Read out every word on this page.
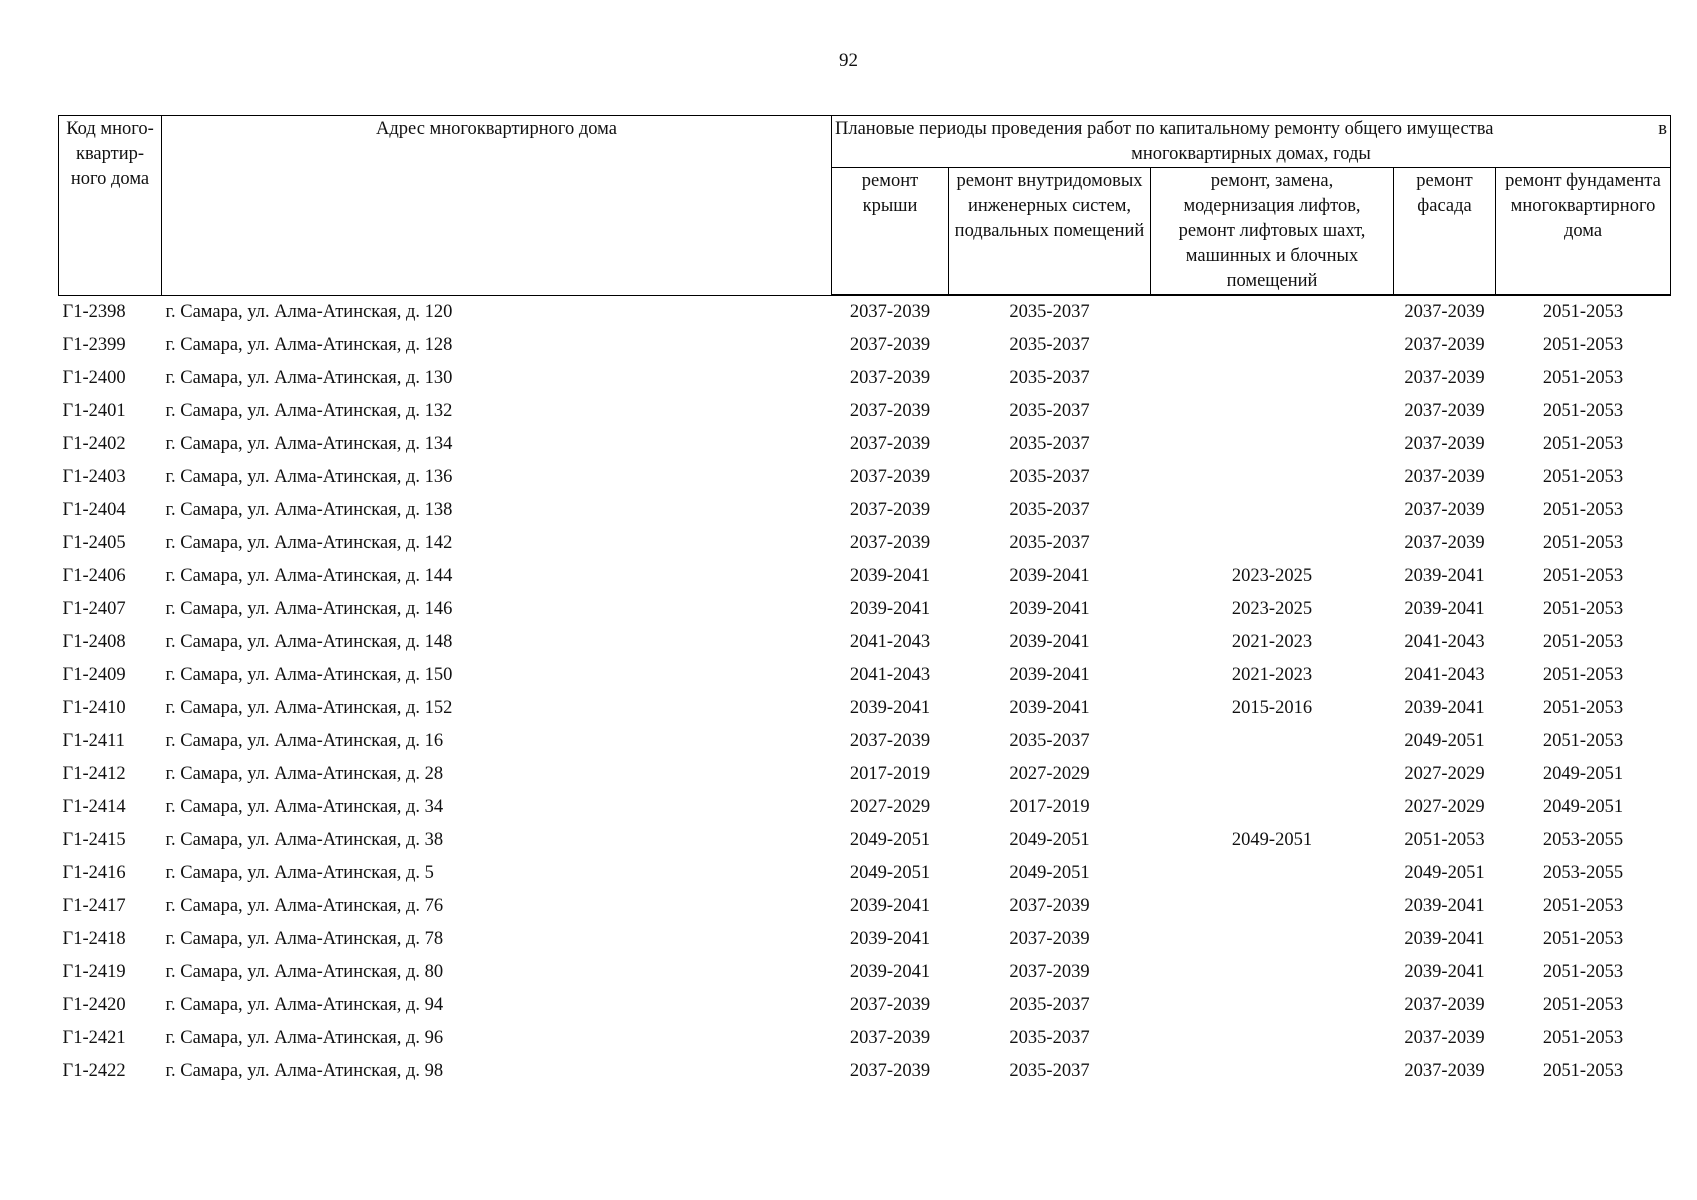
92
Код много-квартир-ного дома	Адрес многоквартирного дома	Плановые периоды проведения работ по капитальному ремонту общего имущества в
многоквартирных домах, годы				

		ремонт крыши	ремонт внутридомовых инженерных систем, подвальных помещений	ремонт, замена, модернизация лифтов, ремонт лифтовых шахт, машинных и блочных помещений	ремонт фасада	ремонт фундамента многоквартирного дома
Г1-2398	г. Самара, ул. Алма-Атинская, д. 120	2037-2039	2035-2037		2037-2039	2051-2053
Г1-2399	г. Самара, ул. Алма-Атинская, д. 128	2037-2039	2035-2037		2037-2039	2051-2053
Г1-2400	г. Самара, ул. Алма-Атинская, д. 130	2037-2039	2035-2037		2037-2039	2051-2053
Г1-2401	г. Самара, ул. Алма-Атинская, д. 132	2037-2039	2035-2037		2037-2039	2051-2053
Г1-2402	г. Самара, ул. Алма-Атинская, д. 134	2037-2039	2035-2037		2037-2039	2051-2053
Г1-2403	г. Самара, ул. Алма-Атинская, д. 136	2037-2039	2035-2037		2037-2039	2051-2053
Г1-2404	г. Самара, ул. Алма-Атинская, д. 138	2037-2039	2035-2037		2037-2039	2051-2053
Г1-2405	г. Самара, ул. Алма-Атинская, д. 142	2037-2039	2035-2037		2037-2039	2051-2053
Г1-2406	г. Самара, ул. Алма-Атинская, д. 144	2039-2041	2039-2041	2023-2025	2039-2041	2051-2053
Г1-2407	г. Самара, ул. Алма-Атинская, д. 146	2039-2041	2039-2041	2023-2025	2039-2041	2051-2053
Г1-2408	г. Самара, ул. Алма-Атинская, д. 148	2041-2043	2039-2041	2021-2023	2041-2043	2051-2053
Г1-2409	г. Самара, ул. Алма-Атинская, д. 150	2041-2043	2039-2041	2021-2023	2041-2043	2051-2053
Г1-2410	г. Самара, ул. Алма-Атинская, д. 152	2039-2041	2039-2041	2015-2016	2039-2041	2051-2053
Г1-2411	г. Самара, ул. Алма-Атинская, д. 16	2037-2039	2035-2037		2049-2051	2051-2053
Г1-2412	г. Самара, ул. Алма-Атинская, д. 28	2017-2019	2027-2029		2027-2029	2049-2051
Г1-2414	г. Самара, ул. Алма-Атинская, д. 34	2027-2029	2017-2019		2027-2029	2049-2051
Г1-2415	г. Самара, ул. Алма-Атинская, д. 38	2049-2051	2049-2051	2049-2051	2051-2053	2053-2055
Г1-2416	г. Самара, ул. Алма-Атинская, д. 5	2049-2051	2049-2051		2049-2051	2053-2055
Г1-2417	г. Самара, ул. Алма-Атинская, д. 76	2039-2041	2037-2039		2039-2041	2051-2053
Г1-2418	г. Самара, ул. Алма-Атинская, д. 78	2039-2041	2037-2039		2039-2041	2051-2053
Г1-2419	г. Самара, ул. Алма-Атинская, д. 80	2039-2041	2037-2039		2039-2041	2051-2053
Г1-2420	г. Самара, ул. Алма-Атинская, д. 94	2037-2039	2035-2037		2037-2039	2051-2053
Г1-2421	г. Самара, ул. Алма-Атинская, д. 96	2037-2039	2035-2037		2037-2039	2051-2053
Г1-2422	г. Самара, ул. Алма-Атинская, д. 98	2037-2039	2035-2037		2037-2039	2051-2053
